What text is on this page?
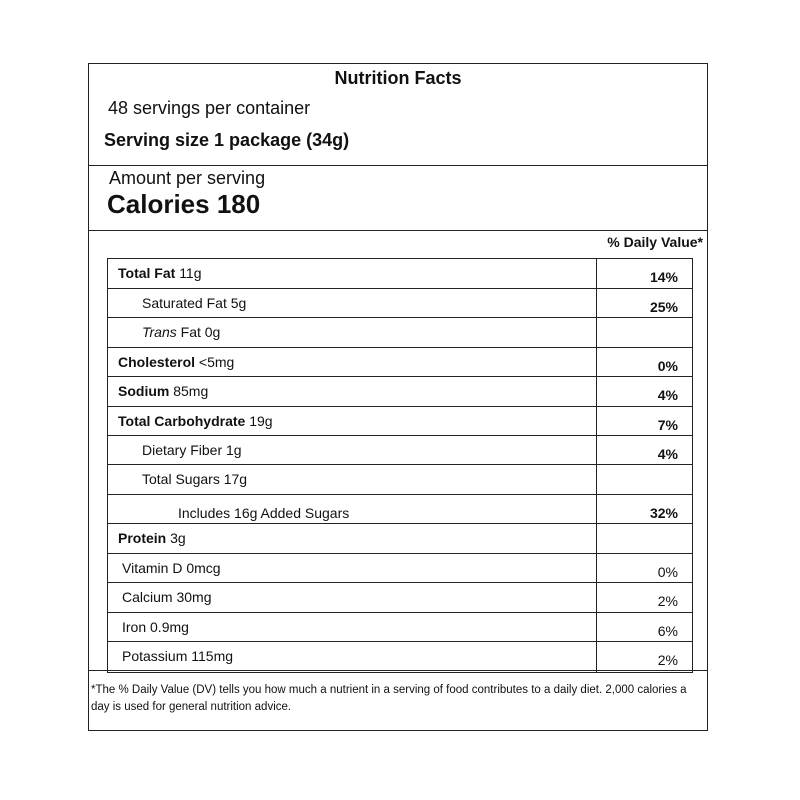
Nutrition Facts
48 servings per container
Serving size 1 package (34g)
Amount per serving
Calories 180
% Daily Value*
Total Fat 11g	14%
Saturated Fat 5g	25%
Trans Fat 0g
Cholesterol <5mg	0%
Sodium 85mg	4%
Total Carbohydrate 19g	7%
Dietary Fiber 1g	4%
Total Sugars 17g
Includes 16g Added Sugars	32%
Protein 3g
Vitamin D 0mcg	0%
Calcium 30mg	2%
Iron 0.9mg	6%
Potassium 115mg	2%
*The % Daily Value (DV) tells you how much a nutrient in a serving of food contributes to a daily diet. 2,000 calories a day is used for general nutrition advice.
